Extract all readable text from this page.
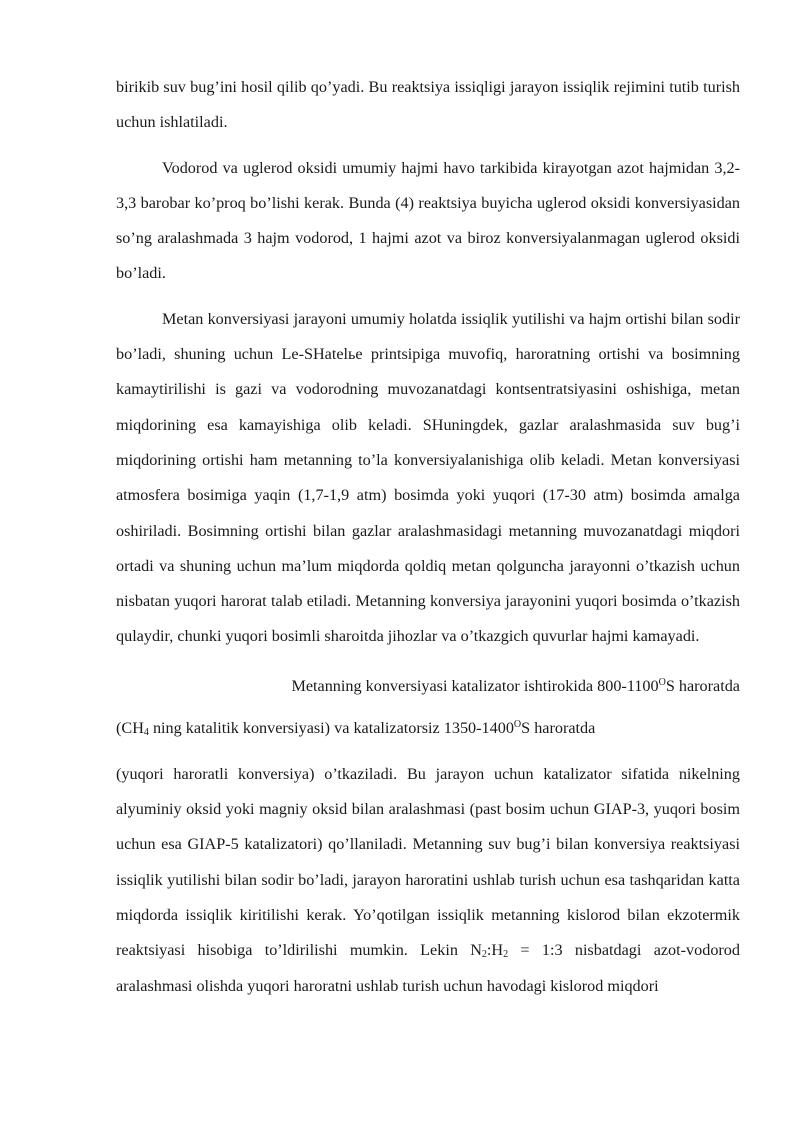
birikib suv bug’ini hosil qilib qo’yadi. Bu reaktsiya issiqligi jarayon issiqlik rejimini tutib turish uchun ishlatiladi.

Vodorod va uglerod oksidi umumiy hajmi havo tarkibida kirayotgan azot hajmidan 3,2-3,3 barobar ko’proq bo’lishi kerak. Bunda (4) reaktsiya buyicha uglerod oksidi konversiyasidan so’ng aralashmada 3 hajm vodorod, 1 hajmi azot va biroz konversiyalanmagan uglerod oksidi bo’ladi.

Metan konversiyasi jarayoni umumiy holatda issiqlik yutilishi va hajm ortishi bilan sodir bo’ladi, shuning uchun Le-SHatelье printsipiga muvofiq, haroratning ortishi va bosimning kamaytirilishi is gazi va vodorodning muvozanatdagi kontsentratsiyasini oshishiga, metan miqdorining esa kamayishiga olib keladi. SHuningdek, gazlar aralashmasida suv bug’i miqdorining ortishi ham metanning to’la konversiyalanishiga olib keladi. Metan konversiyasi atmosfera bosimiga yaqin (1,7-1,9 atm) bosimda yoki yuqori (17-30 atm) bosimda amalga oshiriladi. Bosimning ortishi bilan gazlar aralashmasidagi metanning muvozanatdagi miqdori ortadi va shuning uchun ma’lum miqdorda qoldiq metan qolguncha jarayonni o’tkazish uchun nisbatan yuqori harorat talab etiladi. Metanning konversiya jarayonini yuqori bosimda o’tkazish qulaydir, chunki yuqori bosimli sharoitda jihozlar va o’tkazgich quvurlar hajmi kamayadi.

Metanning konversiyasi katalizator ishtirokida $800-1100^OS$ haroratda

($CH_4$ ning katalitik konversiyasi) va katalizatorsiz $1350-1400^OS$ haroratda

(yuqori haroratli konversiya) o’tkaziladi. Bu jarayon uchun katalizator sifatida nikelning alyuminiy oksid yoki magniy oksid bilan aralashmasi (past bosim uchun GIAP-3, yuqori bosim uchun esa GIAP-5 katalizatori) qo’llaniladi. Metanning suv bug’i bilan konversiya reaktsiyasi issiqlik yutilishi bilan sodir bo’ladi, jarayon haroratini ushlab turish uchun esa tashqaridan katta miqdorda issiqlik kiritilishi kerak. Yo’qotilgan issiqlik metanning kislorod bilan ekzotermik reaktsiyasi hisobiga to’ldirilishi mumkin. Lekin $N_2:H_2$ = 1:3 nisbatdagi azot-vodorod aralashmasi olishda yuqori haroratni ushlab turish uchun havodagi kislorod miqdori
